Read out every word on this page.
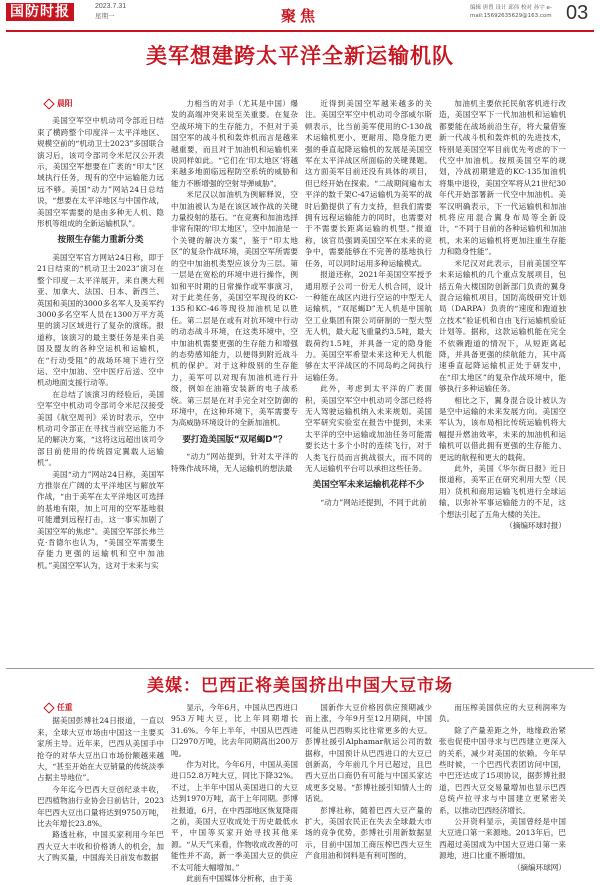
国防时报	2023.7.31
星期一	聚焦	编辑 唐曾 设计 邱伟 校对 孙宇 e-mail:15692635629@163.com 03
美军想建跨太平洋全新运输机队
晨阳

美国空军空中机动司令部近日结束了横跨整个印度洋－太平洋地区、规模空前的“机动卫士2023”多国联合演习后，该司令部司令米尼汉公开表示，美国空军想要在广袤的“印太”区域执行任务，现有的空中运输能力远远不够。美国“动力”网站24日总结说，“想要在太平洋地区与中国作战，美国空军需要的是由多种无人机、隐形机等组成的全新运输机队”。

按照生存能力重新分类

美国空军官方网站24日称，即于21日结束的“机动卫士2023”演习在整个印度－太平洋展开，来自澳大利亚、加拿大、法国、日本、新西兰、英国和美国的3000多名军人及美军约3000多名空军人员在1300万平方英里的演习区域进行了复杂的演练。报道称，该演习的最主要任务是来自美国及盟友的各种空运机和运输机，在“行动受阻”的战场环境下进行空运、空中加油、空中医疗后送、空中机动地面支援行动等。

在总结了该演习的经验后，美国空军空中机动司令部司令米尼汉接受美国《航空周刊》采访时表示，空中机动司令部正在寻找当前空运能力不足的解决方案，“这将这远超出该司令部目前使用的传统固定翼载人运输机”。

美国“动力”网站24日称，美国军方推崇在广阔的太平洋地区与解放军作战，“由于美军在太平洋地区可选择的基地有限，加上可用的空军基地很可能遭到远程打击，这一事实加剧了美国空军的焦虑”。美国空军部长弗兰克·肯德尔也认为，“美国空军需要生存能力更强的运输机和空中加油机。”美国空军认为，这对于未来与实

力相当的对手（尤其是中国）爆发的高端冲突来说至关重要。在复杂空战环境下的生存能力，不但对于美国空军的战斗机和轰炸机而言是越来越重要，而且对于加油机和运输机来说同样如此。“它们在‘印太地区’将越来越多地面临远程防空系统的威胁和能力不断增强的空射导弹威胁”。

米尼汉以加油机为例解释说，空中加油被认为是在该区域作战的关键力量投射的基石。“在竞赛和加油选择非常有限的‘印太地区’，空中加油是一个关键的解决方案”，鉴于“印太地区”的复杂作战环境，美国空军所需要的空中加油机类型应该分为三层。第一层是在宽松的环境中进行操作，例如和平时期的日常操作或军事演习，对于此类任务，美国空军现役的KC-135和KC-46等现役加油机足以胜任。第二层是在或有对抗环境中行动的动态战斗环境，在这类环境中，空中加油机需要更强的生存能力和增强的态势感知能力，以便得到附近战斗机的保护。对于这种级别的生存能力，美军可以对现有加油机进行升级，例如在油箱安装新的电子战系统。第三层是在对手完全对空防御的环境中，在这种环境下，美军需要专为高威胁环境设计的全新加油机。

要打造美国版“双尾蝎D”？

“动力”网站提到，针对太平洋的特殊作战环境，无人运输机的想法最

近得到美国空军越来越多的关注。美国空军空中机动司令部威尔斯顿表示，比当前美军使用的C-130战术运输机更小、更耐用、隐身能力更强的垂直起降运输机的发展是美国空军在太平洋战区所面临的关键课题。这方面美军目前还没有具体的项目，但已经开始在探索。“二战期间遍布太平洋的数千架C-47运输机为美军的战时后勤提供了有力支持，但我们需要拥有远程运输能力的同时，也需要对于不需要长距离运输的机型。”报道称，该官员强调美国空军在未来的竞争中，需要能够在不完善的基地执行任务，可以同时运用多种运输模式。

报道还称，2021年美国空军授予通用原子公司一份无人机合同，设计一种能在战区内进行空运的中型无人运输机，“双尾蝎D”无人机是中国航空工业集团有限公司研制的一型大型无人机，最大起飞重量约3.5吨，最大载荷约1.5吨，并具备一定的隐身能力。美国空军希望未来这种无人机能够在太平洋战区的不同岛屿之间执行运输任务。

此外，考虑到太平洋的广袤面积，美国空军空中机动司令部已经将无人驾驶运输机纳入未来规划。美国空军研究实验室在报告中提到，未来太平洋的空中运输或加油任务可能需要长达十多个小时的连续飞行，对于人类飞行员而言挑战很大，而不同的无人运输机平台可以承担这些任务。

美国空军未来运输机花样不少

“动力”网站还提到，不同于此前

加油机主要依托民航客机进行改造，美国空军下一代加油机和运输机都要能在战场前沿生存，将大量借鉴新一代战斗机和轰炸机的先进技术，特别是美国空军目前优先考虑的下一代空中加油机。按照美国空军的规划，冷战初期建造的KC-135加油机将集中退役，美国空军将从21世纪30年代开始部署新一代空中加油机。美军汉明确表示，下一代运输机和加油机将应用混合翼身布局等全新设计，“不同于目前的各种运输机和加油机，未来的运输机将更加注重生存能力和隐身性能”。

米尼汉对此表示，目前美国空军未来运输机的几个重点发展项目，包括五角大楼国防创新部门负责的翼身混合运输机项目，国防高级研究计划局（DARPA）负责的“速度和跑道独立技术”验证机和自由飞行运输机验证计划等。据称，这款运输机能在完全不依赖跑道的情况下，从短距离起降，并具备更强的续航能力，其中高速垂直起降运输机正处于研发中，在“印太地区”的复杂作战环境中，能够执行多种运输任务。

相比之下，翼身混合设计被认为是空中运输的未来发展方向。美国空军认为，该布局相比传统运输机将大幅提升燃油效率，未来的加油机和运输机可以借此拥有更强的生存能力、更远的航程和更大的载荷。

此外，美国《华尔街日报》近日报道称，美军正在研究利用大型（民用）货机和商用运输飞机进行全球运输，以弥补军事运输能力的不足，这个想法引起了五角大楼的关注。

（摘编环球时报）

美媒：巴西正将美国挤出中国大豆市场
任重

据美国彭博社24日报道，一直以来，全球大豆市场由中国这一主要买家所主导。近年来，巴西从美国手中抢夺的对华大豆出口市场份额越来越大，“甚至开始在大豆销量的传统淡季占据主导地位”。

今年迄今巴西大豆创纪录丰收，巴西植物油行业协会日前估计，2023年巴西大豆出口量将达到9750万吨，比去年增长23.8%。

路透社称，中国买家利用今年巴西大豆大丰收和价格诱人的机会，加大了购买量，中国海关日前发布数据

显示，今年6月，中国从巴西进口953万吨大豆，比上年同期增长31.6%。今年上半年，中国从巴西进口2970万吨，比去年同期高出200万吨。

作为对比，今年6月，中国从美国进口52.8万吨大豆，同比下降32%。不过，上半年中国从美国进口的大豆达到1970万吨，高于上年同期。彭博社报道，6月，在中西部地区恢复降雨之前，美国大豆收成处于历史最低水平，中国等买家开始寻找其他来源。“从天气来看，作物收成改善的可能性并不高，新一季美国大豆的供应不太可能大幅增加。”

此前有中国媒体分析称，由于美

国新作大豆价格因供应预期减少而上涨，今年9月至12月期间，中国可能从巴西购买比往常更多的大豆。彭博社援引Alphamar航运公司的数据称，中国预计从巴西进口的大豆已创新高，今年前几个月已超过，且巴西大豆出口商仍有可能与中国买家达成更多交易。“彭博社援引知情人士的话说。

彭博社称，随着巴西大豆产量的扩大，美国农民正在失去全球最大市场的竞争优势，彭博社引用新数据显示，目前中国加工商压榨巴西大豆生产食用油和饲料是有利可图的，

而压榨美国供应的大豆利润率为负。

除了产量差距之外，地缘政治紧张也促使中国寻求与巴西建立更深入的关系，减少对美国的依赖。今年早些时候，一个巴西代表团访问中国，中巴还达成了15项协议，据彭博社报道，巴西大豆交易量增加也显示巴西总统卢拉寻求与中国建立更紧密关系，以推动巴西经济增长。

公开资料显示，美国曾经是中国大豆进口第一来源地。2013年后，巴西超过美国成为中国大豆进口第一来源地，进口比重不断增加。

（摘编环球网）
